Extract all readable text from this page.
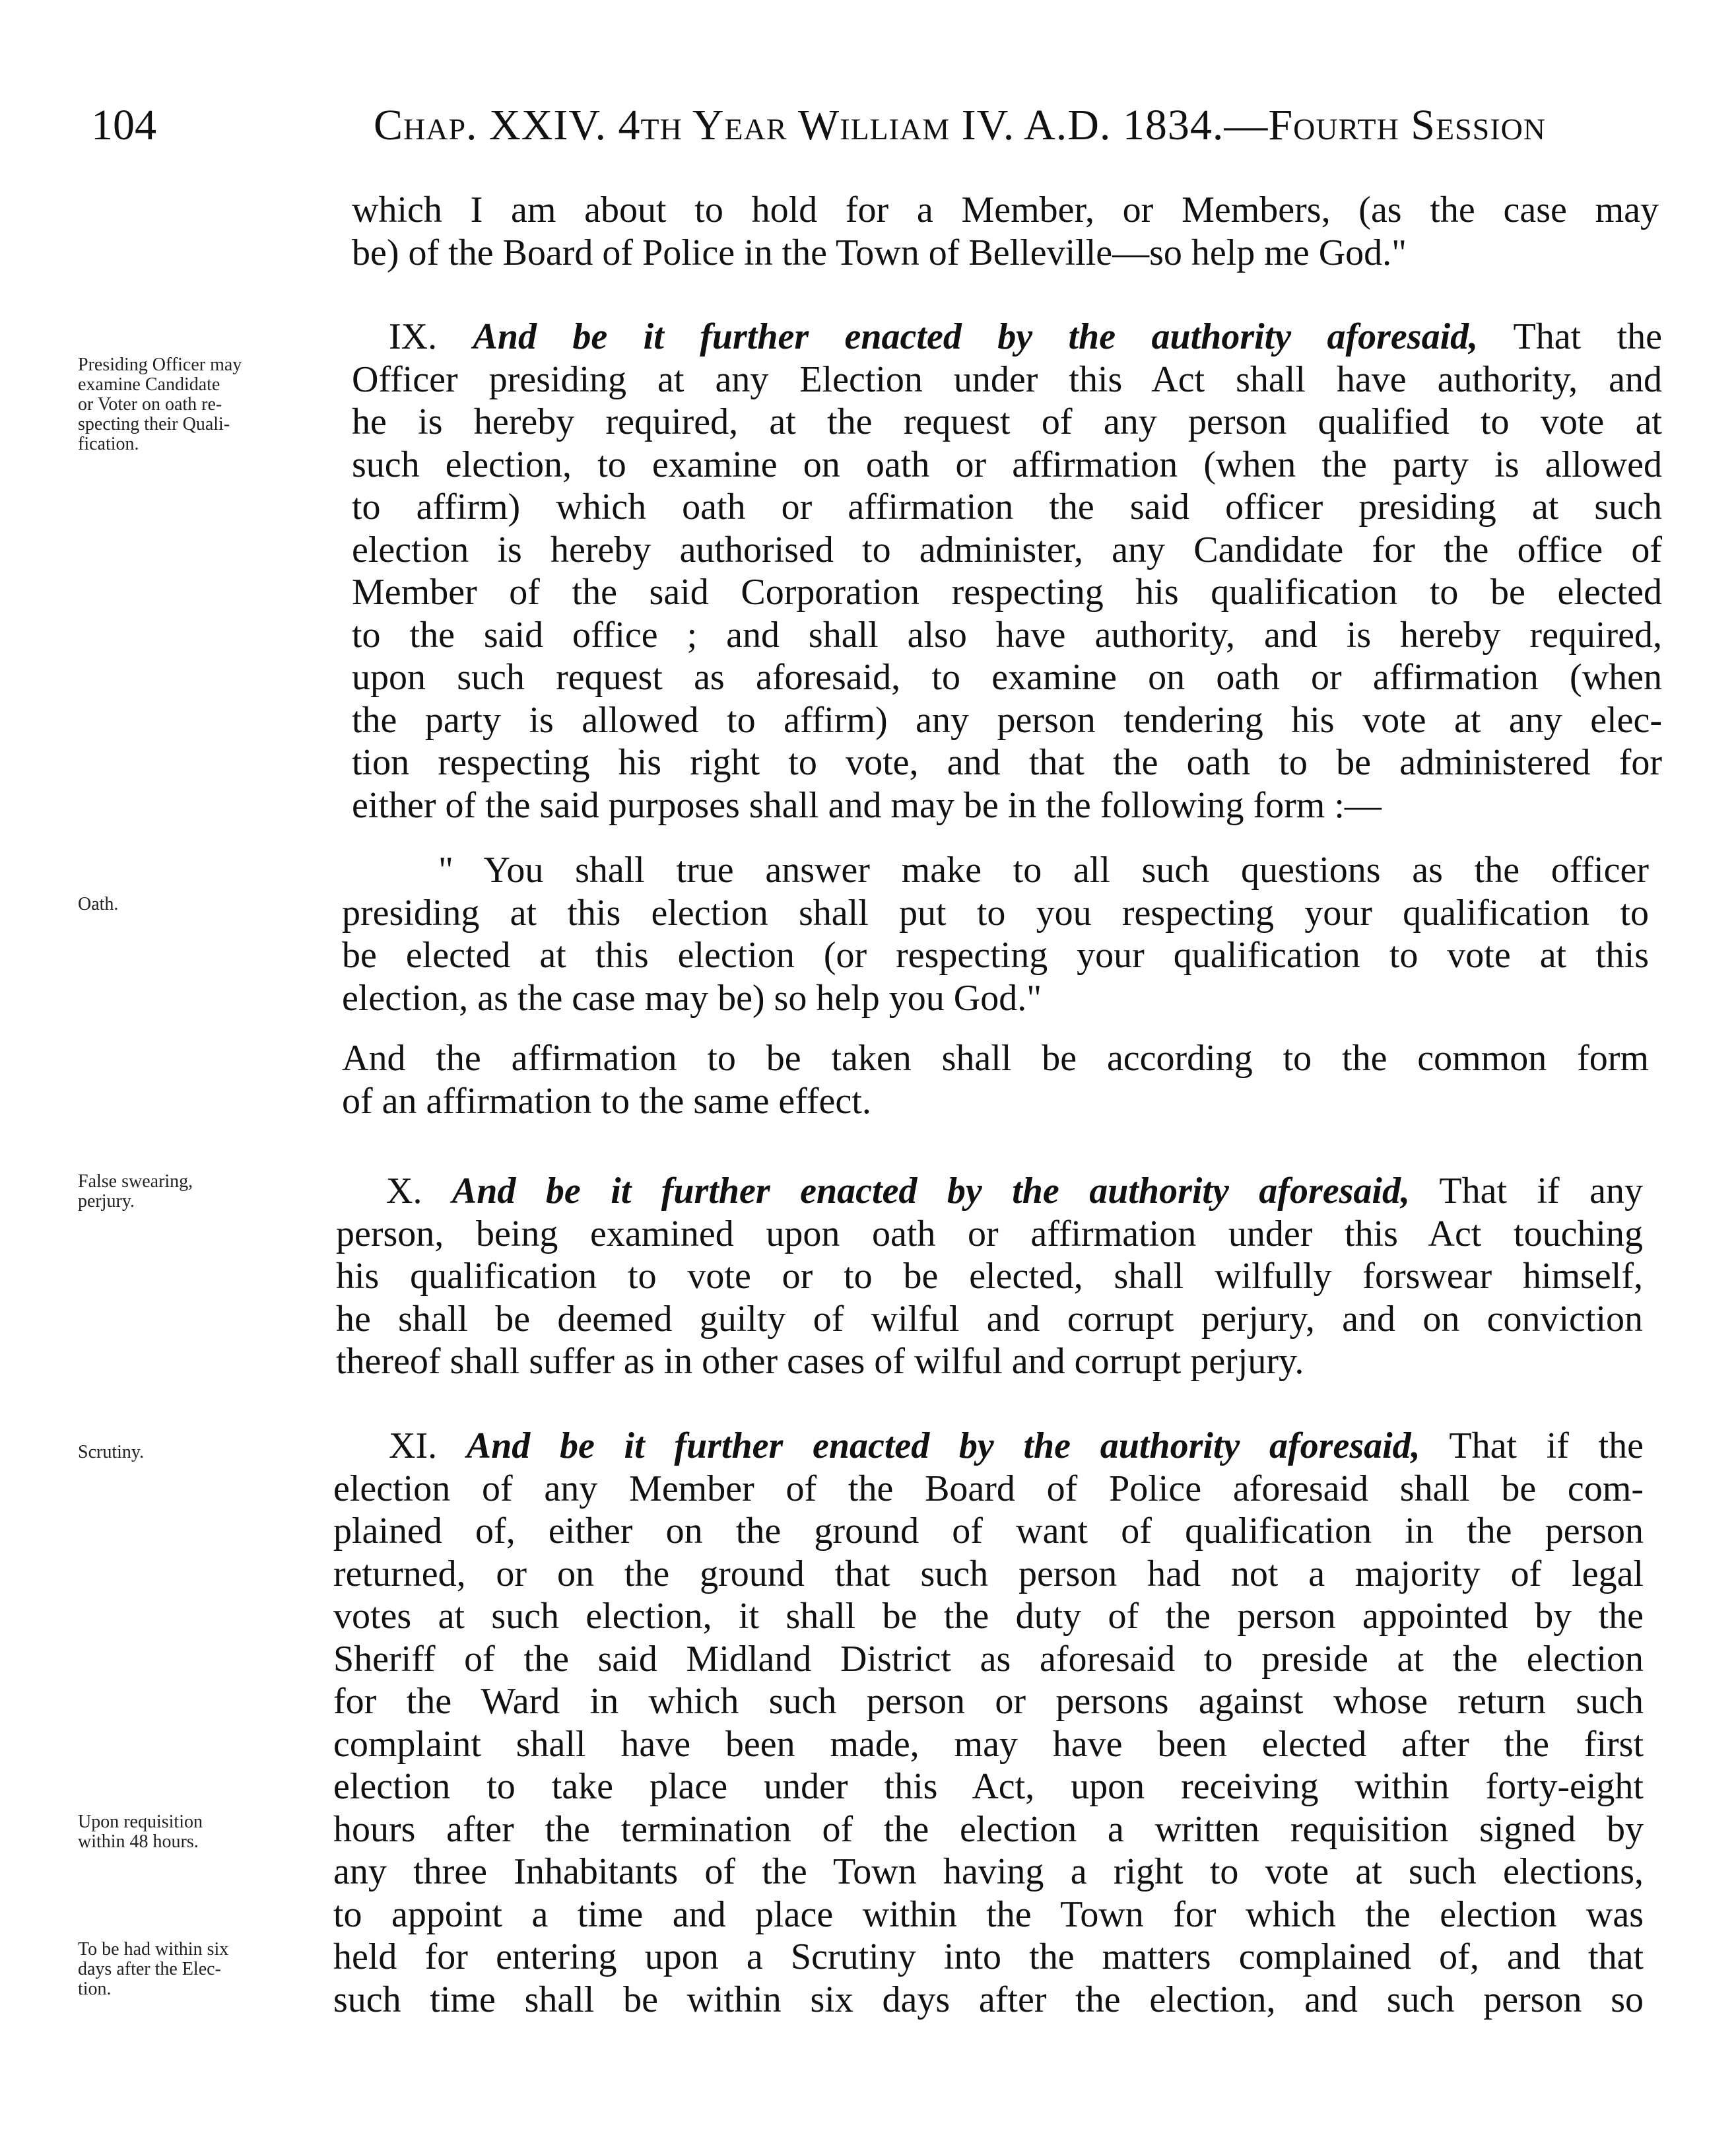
104	Chap. XXIV. 4th Year William IV. A.D. 1834.—Fourth Session
which I am about to hold for a Member, or Members, (as the case may
be) of the Board of Police in the Town of Belleville—so help me God."
IX. And be it further enacted by the authority aforesaid, That the
Officer presiding at any Election under this Act shall have authority, and
he is hereby required, at the request of any person qualified to vote at
such election, to examine on oath or affirmation (when the party is allowed
to affirm) which oath or affirmation the said officer presiding at such
election is hereby authorised to administer, any Candidate for the office of
Member of the said Corporation respecting his qualification to be elected
to the said office ; and shall also have authority, and is hereby required,
upon such request as aforesaid, to examine on oath or affirmation (when
the party is allowed to affirm) any person tendering his vote at any elec-
tion respecting his right to vote, and that the oath to be administered for
either of the said purposes shall and may be in the following form :—
" You shall true answer make to all such questions as the officer
presiding at this election shall put to you respecting your qualification to
be elected at this election (or respecting your qualification to vote at this
election, as the case may be) so help you God."
And the affirmation to be taken shall be according to the common form
of an affirmation to the same effect.
X. And be it further enacted by the authority aforesaid, That if any
person, being examined upon oath or affirmation under this Act touching
his qualification to vote or to be elected, shall wilfully forswear himself,
he shall be deemed guilty of wilful and corrupt perjury, and on conviction
thereof shall suffer as in other cases of wilful and corrupt perjury.
XI. And be it further enacted by the authority aforesaid, That if the
election of any Member of the Board of Police aforesaid shall be com-
plained of, either on the ground of want of qualification in the person
returned, or on the ground that such person had not a majority of legal
votes at such election, it shall be the duty of the person appointed by the
Sheriff of the said Midland District as aforesaid to preside at the election
for the Ward in which such person or persons against whose return such
complaint shall have been made, may have been elected after the first
election to take place under this Act, upon receiving within forty-eight
hours after the termination of the election a written requisition signed by
any three Inhabitants of the Town having a right to vote at such elections,
to appoint a time and place within the Town for which the election was
held for entering upon a Scrutiny into the matters complained of, and that
such time shall be within six days after the election, and such person so
Presiding Officer may
examine Candidate
or Voter on oath re-
specting their Quali-
fication.
Oath.
False swearing,
perjury.
Scrutiny.
Upon requisition
within 48 hours.
To be had within six
days after the Elec-
tion.
